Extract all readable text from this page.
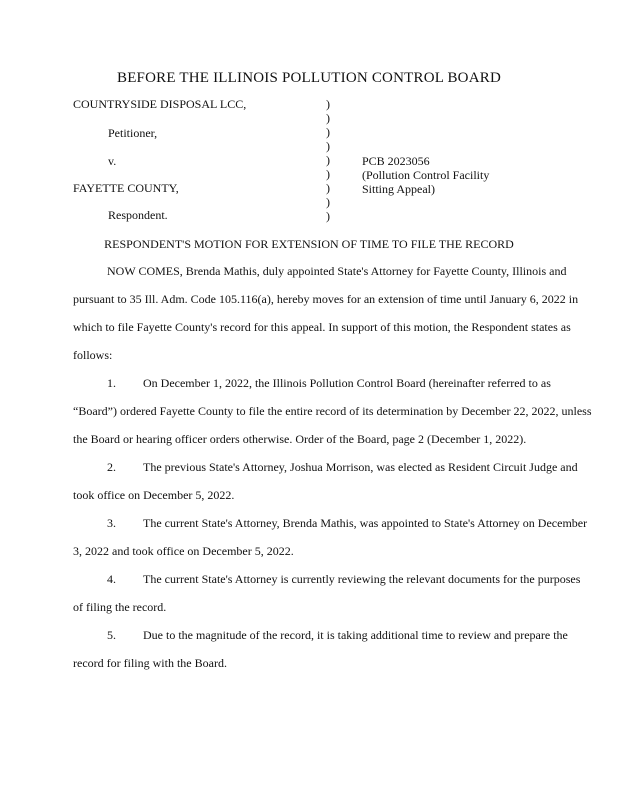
BEFORE THE ILLINOIS POLLUTION CONTROL BOARD
COUNTRYSIDE DISPOSAL LCC,
Petitioner,
v.
FAYETTE COUNTY,
Respondent.
)
)
)
)
)
)
)
)
)
PCB 2023056
(Pollution Control Facility
Sitting Appeal)
RESPONDENT'S MOTION FOR EXTENSION OF TIME TO FILE THE RECORD

NOW COMES, Brenda Mathis, duly appointed State's Attorney for Fayette County, Illinois and pursuant to 35 Ill. Adm. Code 105.116(a), hereby moves for an extension of time until January 6, 2022 in which to file Fayette County's record for this appeal. In support of this motion, the Respondent states as follows:

1. On December 1, 2022, the Illinois Pollution Control Board (hereinafter referred to as “Board”) ordered Fayette County to file the entire record of its determination by December 22, 2022, unless the Board or hearing officer orders otherwise. Order of the Board, page 2 (December 1, 2022).

2. The previous State's Attorney, Joshua Morrison, was elected as Resident Circuit Judge and took office on December 5, 2022.

3. The current State's Attorney, Brenda Mathis, was appointed to State's Attorney on December 3, 2022 and took office on December 5, 2022.

4. The current State's Attorney is currently reviewing the relevant documents for the purposes of filing the record.

5. Due to the magnitude of the record, it is taking additional time to review and prepare the record for filing with the Board.
